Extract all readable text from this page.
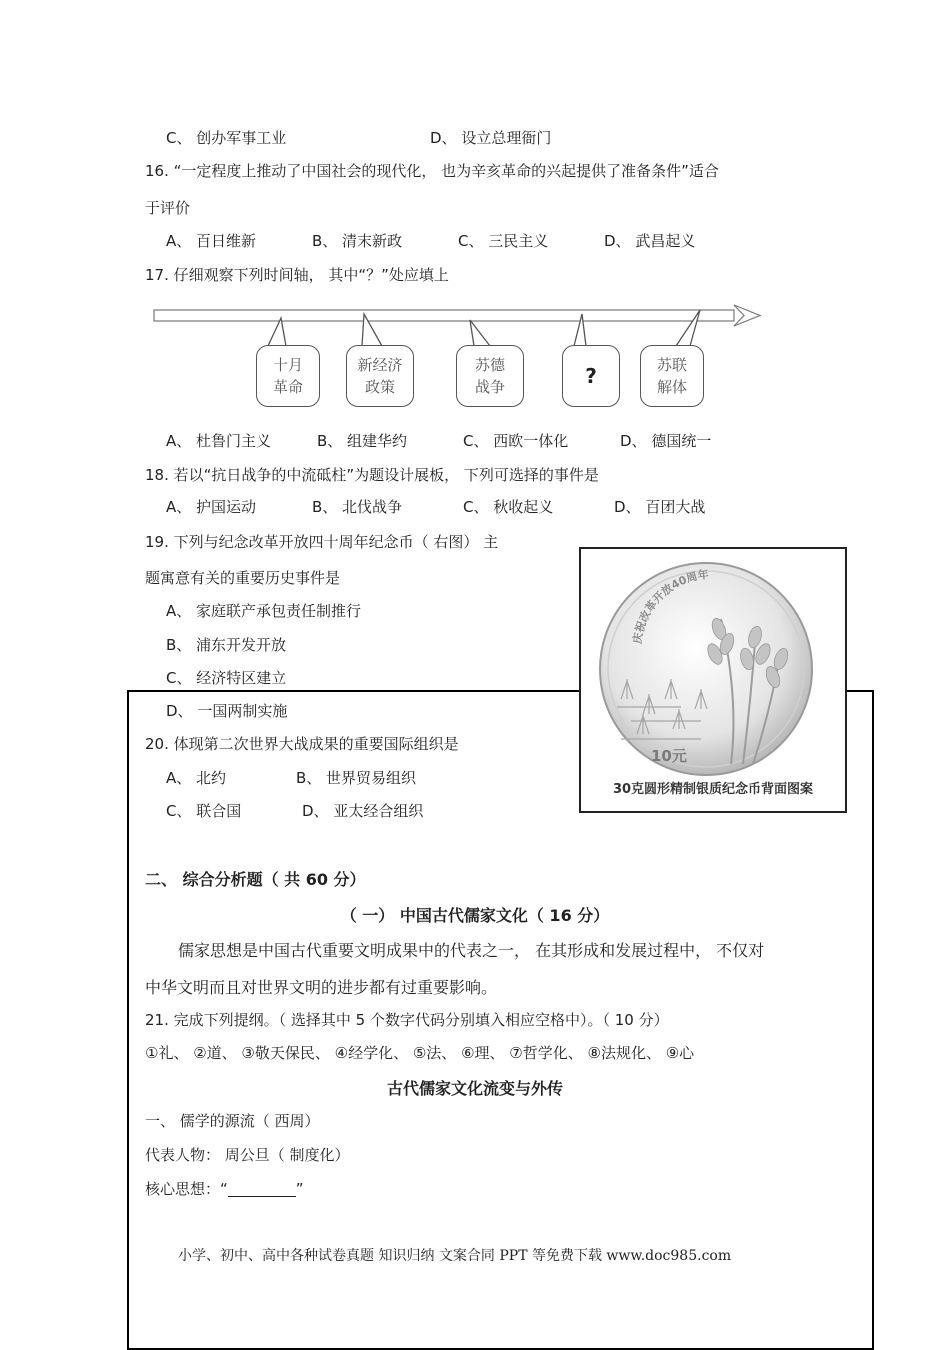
C、 创办军事工业	D、 设立总理衙门
16. “一定程度上推动了中国社会的现代化， 也为辛亥革命的兴起提供了准备条件”适合
于评价
A、 百日维新	B、 清末新政	C、 三民主义	D、 武昌起义
17. 仔细观察下列时间轴， 其中“？”处应填上
十月
革命
新经济
政策
苏德
战争	?	苏联
解体
A、 杜鲁门主义	B、 组建华约	C、 西欧一体化	D、 德国统一
18. 若以“抗日战争的中流砥柱”为题设计展板， 下列可选择的事件是
A、 护国运动	B、 北伐战争	C、 秋收起义	D、 百团大战
19. 下列与纪念改革开放四十周年纪念币（ 右图） 主
题寓意有关的重要历史事件是
A、 家庭联产承包责任制推行
B、 浦东开发开放
C、 经济特区建立
D、 一国两制实施
庆祝改革开放40周年
10元
30克圆形精制银质纪念币背面图案
20. 体现第二次世界大战成果的重要国际组织是
A、 北约	B、 世界贸易组织
C、 联合国	D、 亚太经合组织
二、 综合分析题（ 共 60 分）
（ 一） 中国古代儒家文化（ 16 分）
儒家思想是中国古代重要文明成果中的代表之一， 在其形成和发展过程中， 不仅对
中华文明而且对世界文明的进步都有过重要影响。
21. 完成下列提纲。（ 选择其中 5 个数字代码分别填入相应空格中）。（ 10 分）
①礼、 ②道、 ③敬天保民、 ④经学化、 ⑤法、 ⑥理、 ⑦哲学化、 ⑧法规化、 ⑨心
古代儒家文化流变与外传
一、 儒学的源流（ 西周）
代表人物： 周公旦（ 制度化）
核心思想：“	”
小学、初中、高中各种试卷真题 知识归纳 文案合同 PPT 等免费下载 www.doc985.com
